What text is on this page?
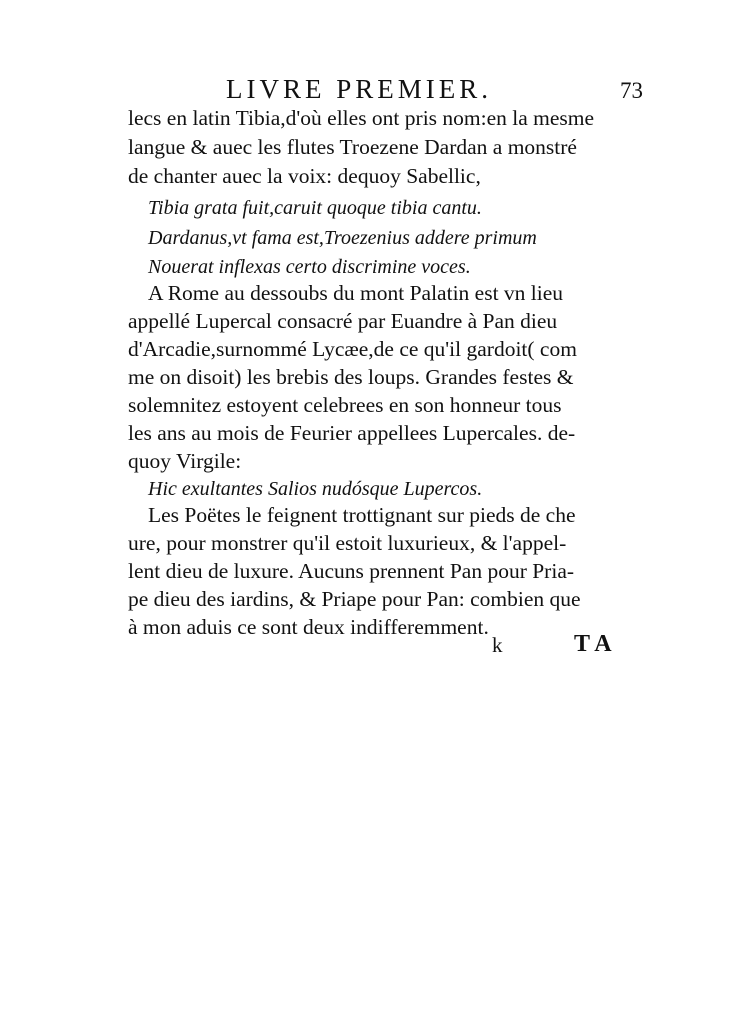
LIVRE PREMIER.	73
lecs en latin Tibia,d'où elles ont pris nom:en la mesme
langue & auec les flutes Troezene Dardan a monstré
de chanter auec la voix: dequoy Sabellic,
Tibia grata fuit,caruit quoque tibia cantu.
Dardanus,vt fama est,Troezenius addere primum
Nouerat inflexas certo discrimine voces.
A Rome au dessoubs du mont Palatin est vn lieu
appellé Lupercal consacré par Euandre à Pan dieu
d'Arcadie,surnommé Lycæe,de ce qu'il gardoit( com
me on disoit) les brebis des loups. Grandes festes &
solemnitez estoyent celebrees en son honneur tous
les ans au mois de Feurier appellees Lupercales. de-
quoy Virgile:
Hic exultantes Salios nudósque Lupercos.
Les Poëtes le feignent trottignant sur pieds de che
ure, pour monstrer qu'il estoit luxurieux, & l'appel-
lent dieu de luxure. Aucuns prennent Pan pour Pria-
pe dieu des iardins, & Priape pour Pan: combien que
à mon aduis ce sont deux indifferemment.
k	TA
